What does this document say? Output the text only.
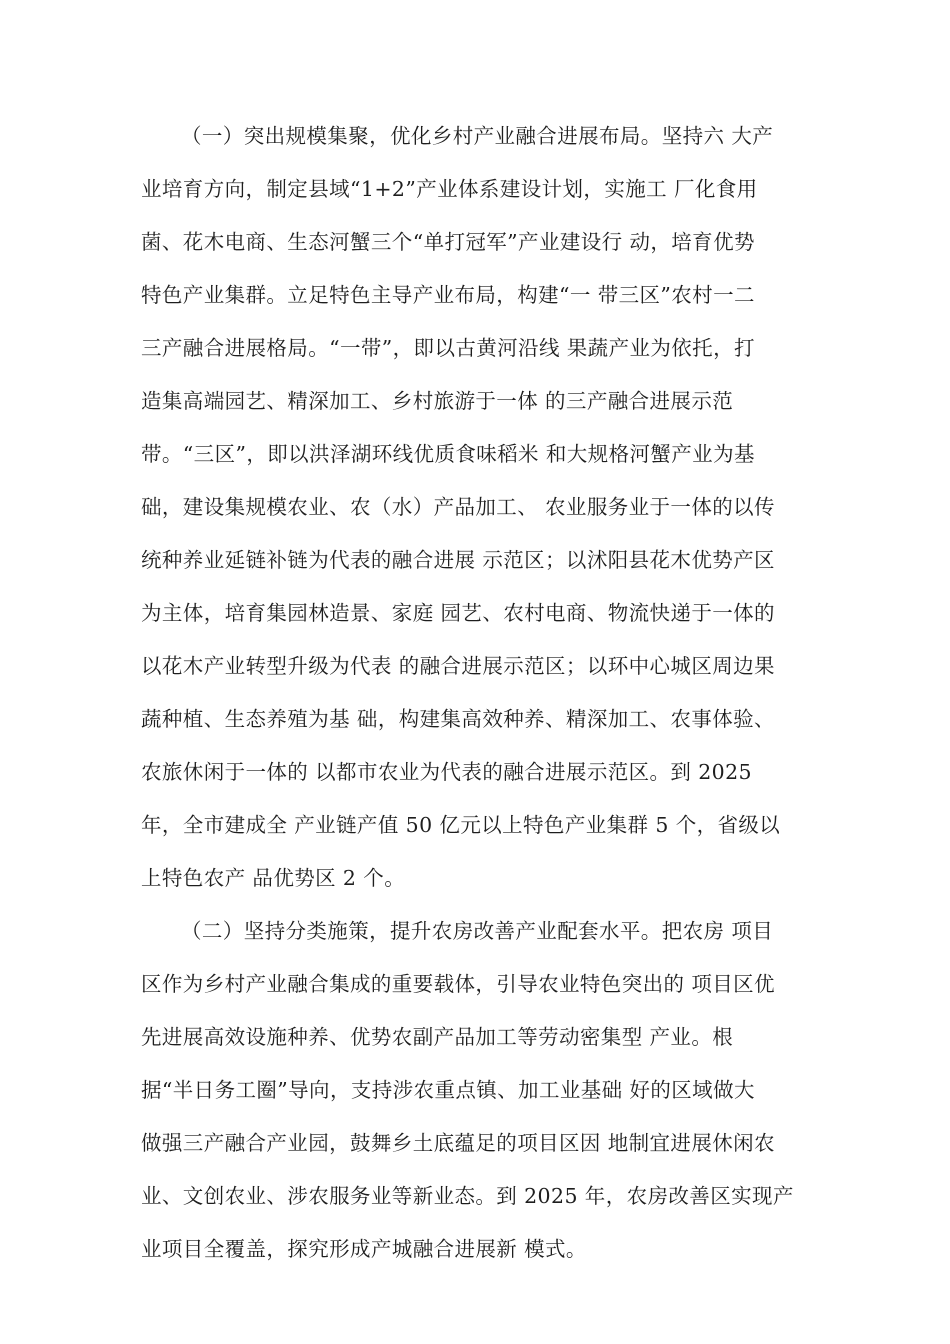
（一）突出规模集聚，优化乡村产业融合进展布局。坚持六 大产
业培育方向，制定县域“1+2”产业体系建设计划，实施工 厂化食用
菌、花木电商、生态河蟹三个“单打冠军”产业建设行 动，培育优势
特色产业集群。立足特色主导产业布局，构建“一 带三区”农村一二
三产融合进展格局。“一带”，即以古黄河沿线 果蔬产业为依托，打
造集高端园艺、精深加工、乡村旅游于一体 的三产融合进展示范
带。“三区”，即以洪泽湖环线优质食味稻米 和大规格河蟹产业为基
础，建设集规模农业、农（水）产品加工、 农业服务业于一体的以传
统种养业延链补链为代表的融合进展 示范区；以沭阳县花木优势产区
为主体，培育集园林造景、家庭 园艺、农村电商、物流快递于一体的
以花木产业转型升级为代表 的融合进展示范区；以环中心城区周边果
蔬种植、生态养殖为基 础，构建集高效种养、精深加工、农事体验、
农旅休闲于一体的 以都市农业为代表的融合进展示范区。到 2025
年，全市建成全 产业链产值 50 亿元以上特色产业集群 5 个，省级以
上特色农产 品优势区 2 个。
（二）坚持分类施策，提升农房改善产业配套水平。把农房 项目
区作为乡村产业融合集成的重要载体，引导农业特色突出的 项目区优
先进展高效设施种养、优势农副产品加工等劳动密集型 产业。根
据“半日务工圈”导向，支持涉农重点镇、加工业基础 好的区域做大
做强三产融合产业园，鼓舞乡土底蕴足的项目区因 地制宜进展休闲农
业、文创农业、涉农服务业等新业态。到 2025 年，农房改善区实现产
业项目全覆盖，探究形成产城融合进展新 模式。
